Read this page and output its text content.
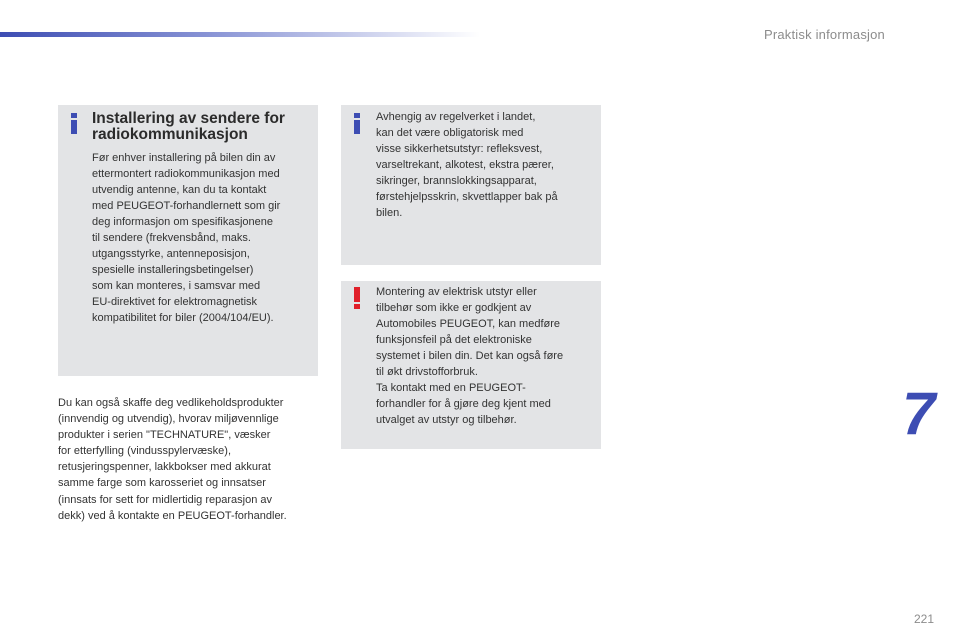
Praktisk informasjon
Installering av sendere for radiokommunikasjon
Før enhver installering på bilen din av
ettermontert radiokommunikasjon med
utvendig antenne, kan du ta kontakt
med PEUGEOT-forhandlernett som gir
deg informasjon om spesifikasjonene
til sendere (frekvensbånd, maks.
utgangsstyrke, antenneposisjon,
spesielle installeringsbetingelser)
som kan monteres, i samsvar med
EU-direktivet for elektromagnetisk
kompatibilitet for biler (2004/104/EU).
Du kan også skaffe deg vedlikeholdsprodukter
(innvendig og utvendig), hvorav miljøvennlige
produkter i serien "TECHNATURE", væsker
for etterfylling (vindusspylervæske),
retusjeringspenner, lakkbokser med akkurat
samme farge som karosseriet og innsatser
(innsats for sett for midlertidig reparasjon av
dekk) ved å kontakte en PEUGEOT-forhandler.
Avhengig av regelverket i landet,
kan det være obligatorisk med
visse sikkerhetsutstyr: refleksvest,
varseltrekant, alkotest, ekstra pærer,
sikringer, brannslokkingsapparat,
førstehjelpsskrin, skvettlapper bak på
bilen.
Montering av elektrisk utstyr eller
tilbehør som ikke er godkjent av
Automobiles PEUGEOT, kan medføre
funksjonsfeil på det elektroniske
systemet i bilen din. Det kan også føre
til økt drivstofforbruk.
Ta kontakt med en PEUGEOT-
forhandler for å gjøre deg kjent med
utvalget av utstyr og tilbehør.	7
221
